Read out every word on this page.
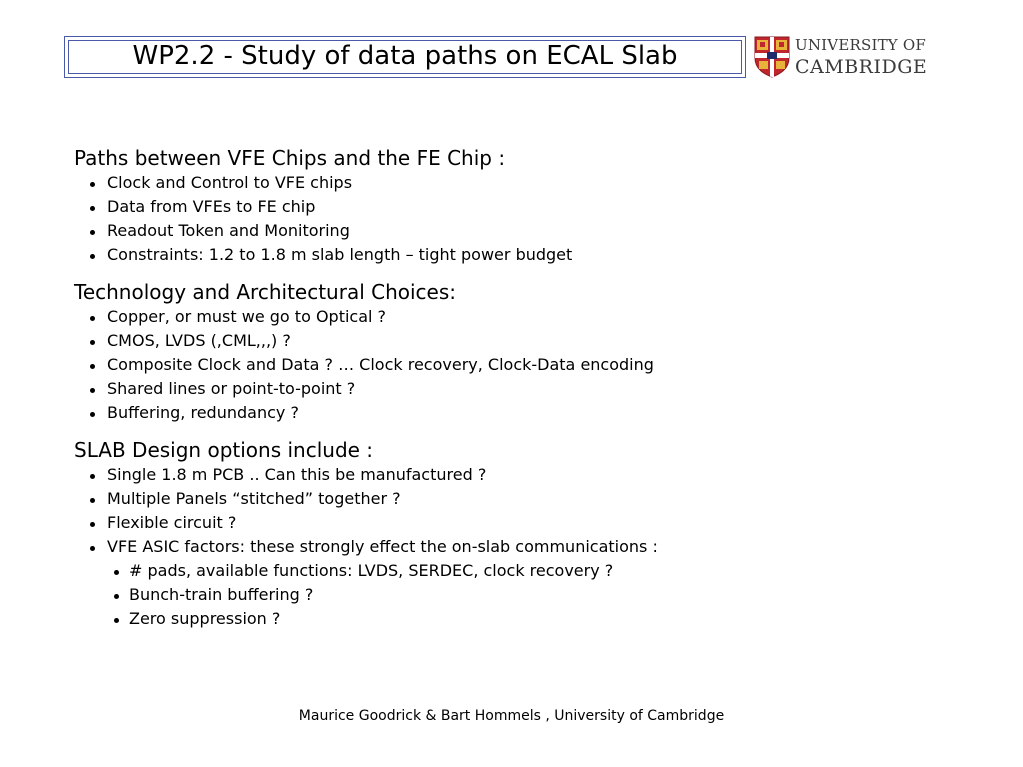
WP2.2 - Study of data paths on ECAL Slab	UNIVERSITY OF
CAMBRIDGE
Paths between VFE Chips and the FE Chip :
Clock and Control to VFE chips
Data from VFEs to FE chip
Readout Token and Monitoring
Constraints: 1.2 to 1.8 m slab length – tight power budget
Technology and Architectural Choices:
Copper, or must we go to Optical ?
CMOS, LVDS (,CML,,,) ?
Composite Clock and Data ? … Clock recovery, Clock-Data encoding
Shared lines or point-to-point ?
Buffering, redundancy ?
SLAB Design options include :
Single 1.8 m PCB .. Can this be manufactured ?
Multiple Panels “stitched” together ?
Flexible circuit ?
VFE ASIC factors: these strongly effect the on-slab communications :
# pads, available functions: LVDS, SERDEC, clock recovery ?
Bunch-train buffering ?
Zero suppression ?
Maurice Goodrick & Bart Hommels , University of Cambridge
